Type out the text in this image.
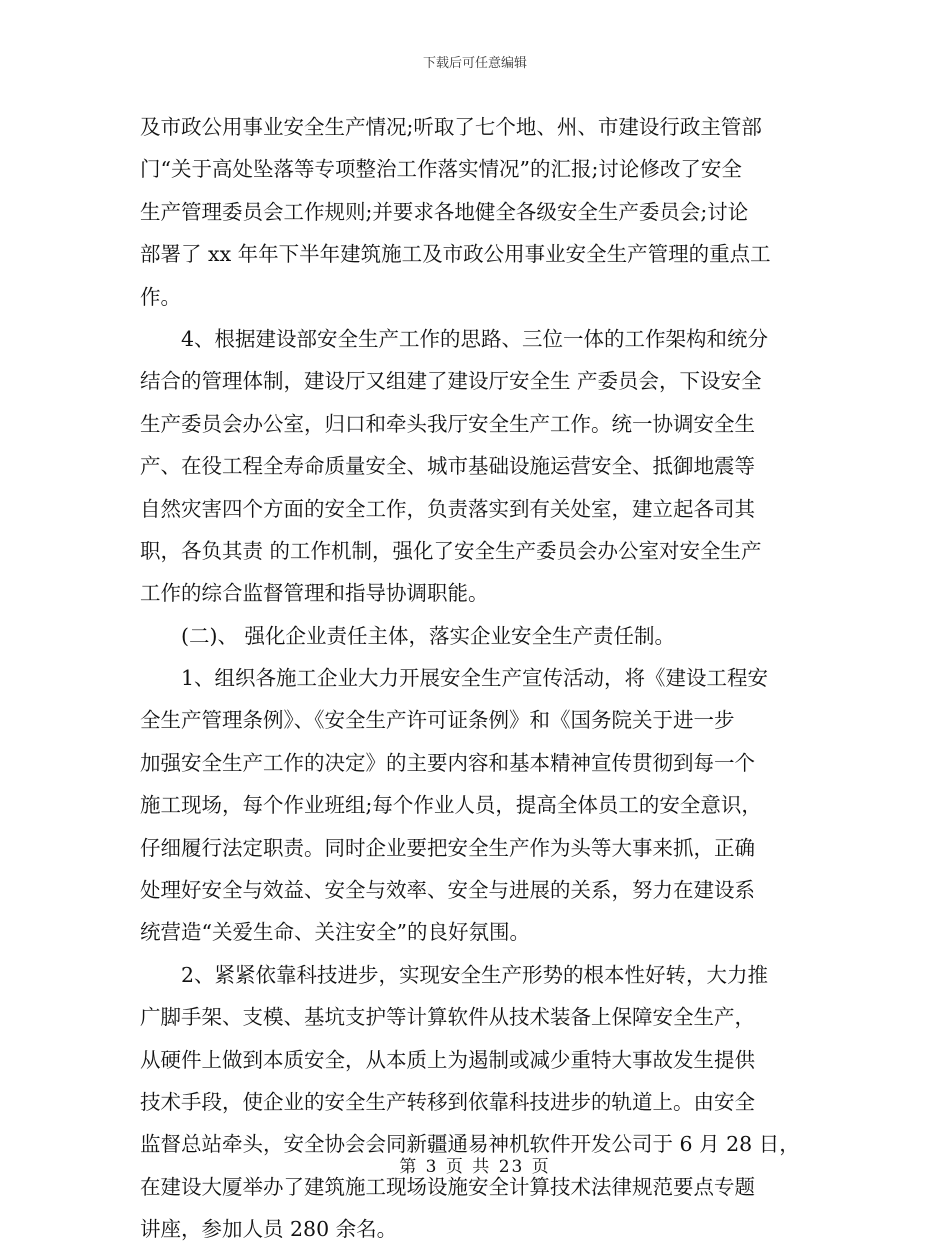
下载后可任意编辑
及市政公用事业安全生产情况;听取了七个地、州、市建设行政主管部
门“关于高处坠落等专项整治工作落实情况”的汇报;讨论修改了安全
生产管理委员会工作规则;并要求各地健全各级安全生产委员会;讨论
部署了 xx 年年下半年建筑施工及市政公用事业安全生产管理的重点工
作。
　　4、根据建设部安全生产工作的思路、三位一体的工作架构和统分
结合的管理体制，建设厅又组建了建设厅安全生 产委员会，下设安全
生产委员会办公室，归口和牵头我厅安全生产工作。统一协调安全生
产、在役工程全寿命质量安全、城市基础设施运营安全、抵御地震等
自然灾害四个方面的安全工作，负责落实到有关处室，建立起各司其
职，各负其责 的工作机制，强化了安全生产委员会办公室对安全生产
工作的综合监督管理和指导协调职能。
　　(二)、 强化企业责任主体，落实企业安全生产责任制。
　　1、组织各施工企业大力开展安全生产宣传活动，将《建设工程安
全生产管理条例》、《安全生产许可证条例》和《国务院关于进一步
加强安全生产工作的决定》的主要内容和基本精神宣传贯彻到每一个
施工现场，每个作业班组;每个作业人员，提高全体员工的安全意识，
仔细履行法定职责。同时企业要把安全生产作为头等大事来抓，正确
处理好安全与效益、安全与效率、安全与进展的关系，努力在建设系
统营造“关爱生命、关注安全”的良好氛围。
　　2、紧紧依靠科技进步，实现安全生产形势的根本性好转，大力推
广脚手架、支模、基坑支护等计算软件从技术装备上保障安全生产，
从硬件上做到本质安全，从本质上为遏制或减少重特大事故发生提供
技术手段，使企业的安全生产转移到依靠科技进步的轨道上。由安全
监督总站牵头，安全协会会同新疆通易神机软件开发公司于 6 月 28 日，
在建设大厦举办了建筑施工现场设施安全计算技术法律规范要点专题
讲座，参加人员 280 余名。
第 3 页 共 23 页
